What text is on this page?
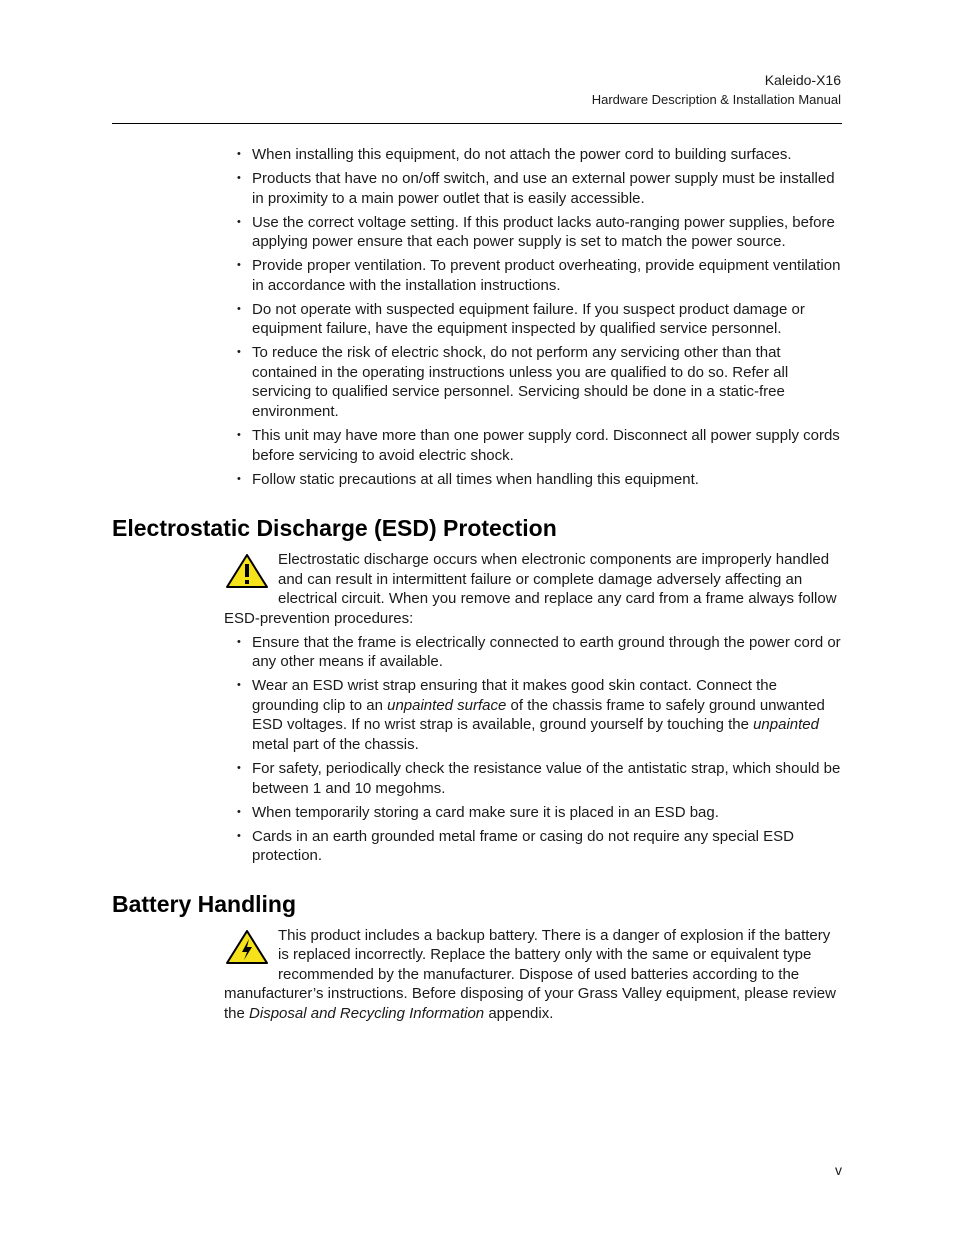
Kaleido-X16
Hardware Description & Installation Manual
• When installing this equipment, do not attach the power cord to building surfaces.
• Products that have no on/off switch, and use an external power supply must be installed in proximity to a main power outlet that is easily accessible.
• Use the correct voltage setting. If this product lacks auto-ranging power supplies, before applying power ensure that each power supply is set to match the power source.
• Provide proper ventilation. To prevent product overheating, provide equipment ventilation in accordance with the installation instructions.
• Do not operate with suspected equipment failure. If you suspect product damage or equipment failure, have the equipment inspected by qualified service personnel.
• To reduce the risk of electric shock, do not perform any servicing other than that contained in the operating instructions unless you are qualified to do so. Refer all servicing to qualified service personnel. Servicing should be done in a static-free environment.
• This unit may have more than one power supply cord. Disconnect all power supply cords before servicing to avoid electric shock.
• Follow static precautions at all times when handling this equipment.
Electrostatic Discharge (ESD) Protection

Electrostatic discharge occurs when electronic components are improperly handled and can result in intermittent failure or complete damage adversely affecting an electrical circuit. When you remove and replace any card from a frame always follow ESD-prevention procedures:

• Ensure that the frame is electrically connected to earth ground through the power cord or any other means if available.
• Wear an ESD wrist strap ensuring that it makes good skin contact. Connect the grounding clip to an unpainted surface of the chassis frame to safely ground unwanted ESD voltages. If no wrist strap is available, ground yourself by touching the unpainted metal part of the chassis.
• For safety, periodically check the resistance value of the antistatic strap, which should be between 1 and 10 megohms.
• When temporarily storing a card make sure it is placed in an ESD bag.
• Cards in an earth grounded metal frame or casing do not require any special ESD protection.
Battery Handling

This product includes a backup battery. There is a danger of explosion if the battery is replaced incorrectly. Replace the battery only with the same or equivalent type recommended by the manufacturer. Dispose of used batteries according to the manufacturer’s instructions. Before disposing of your Grass Valley equipment, please review the Disposal and Recycling Information appendix.

v
